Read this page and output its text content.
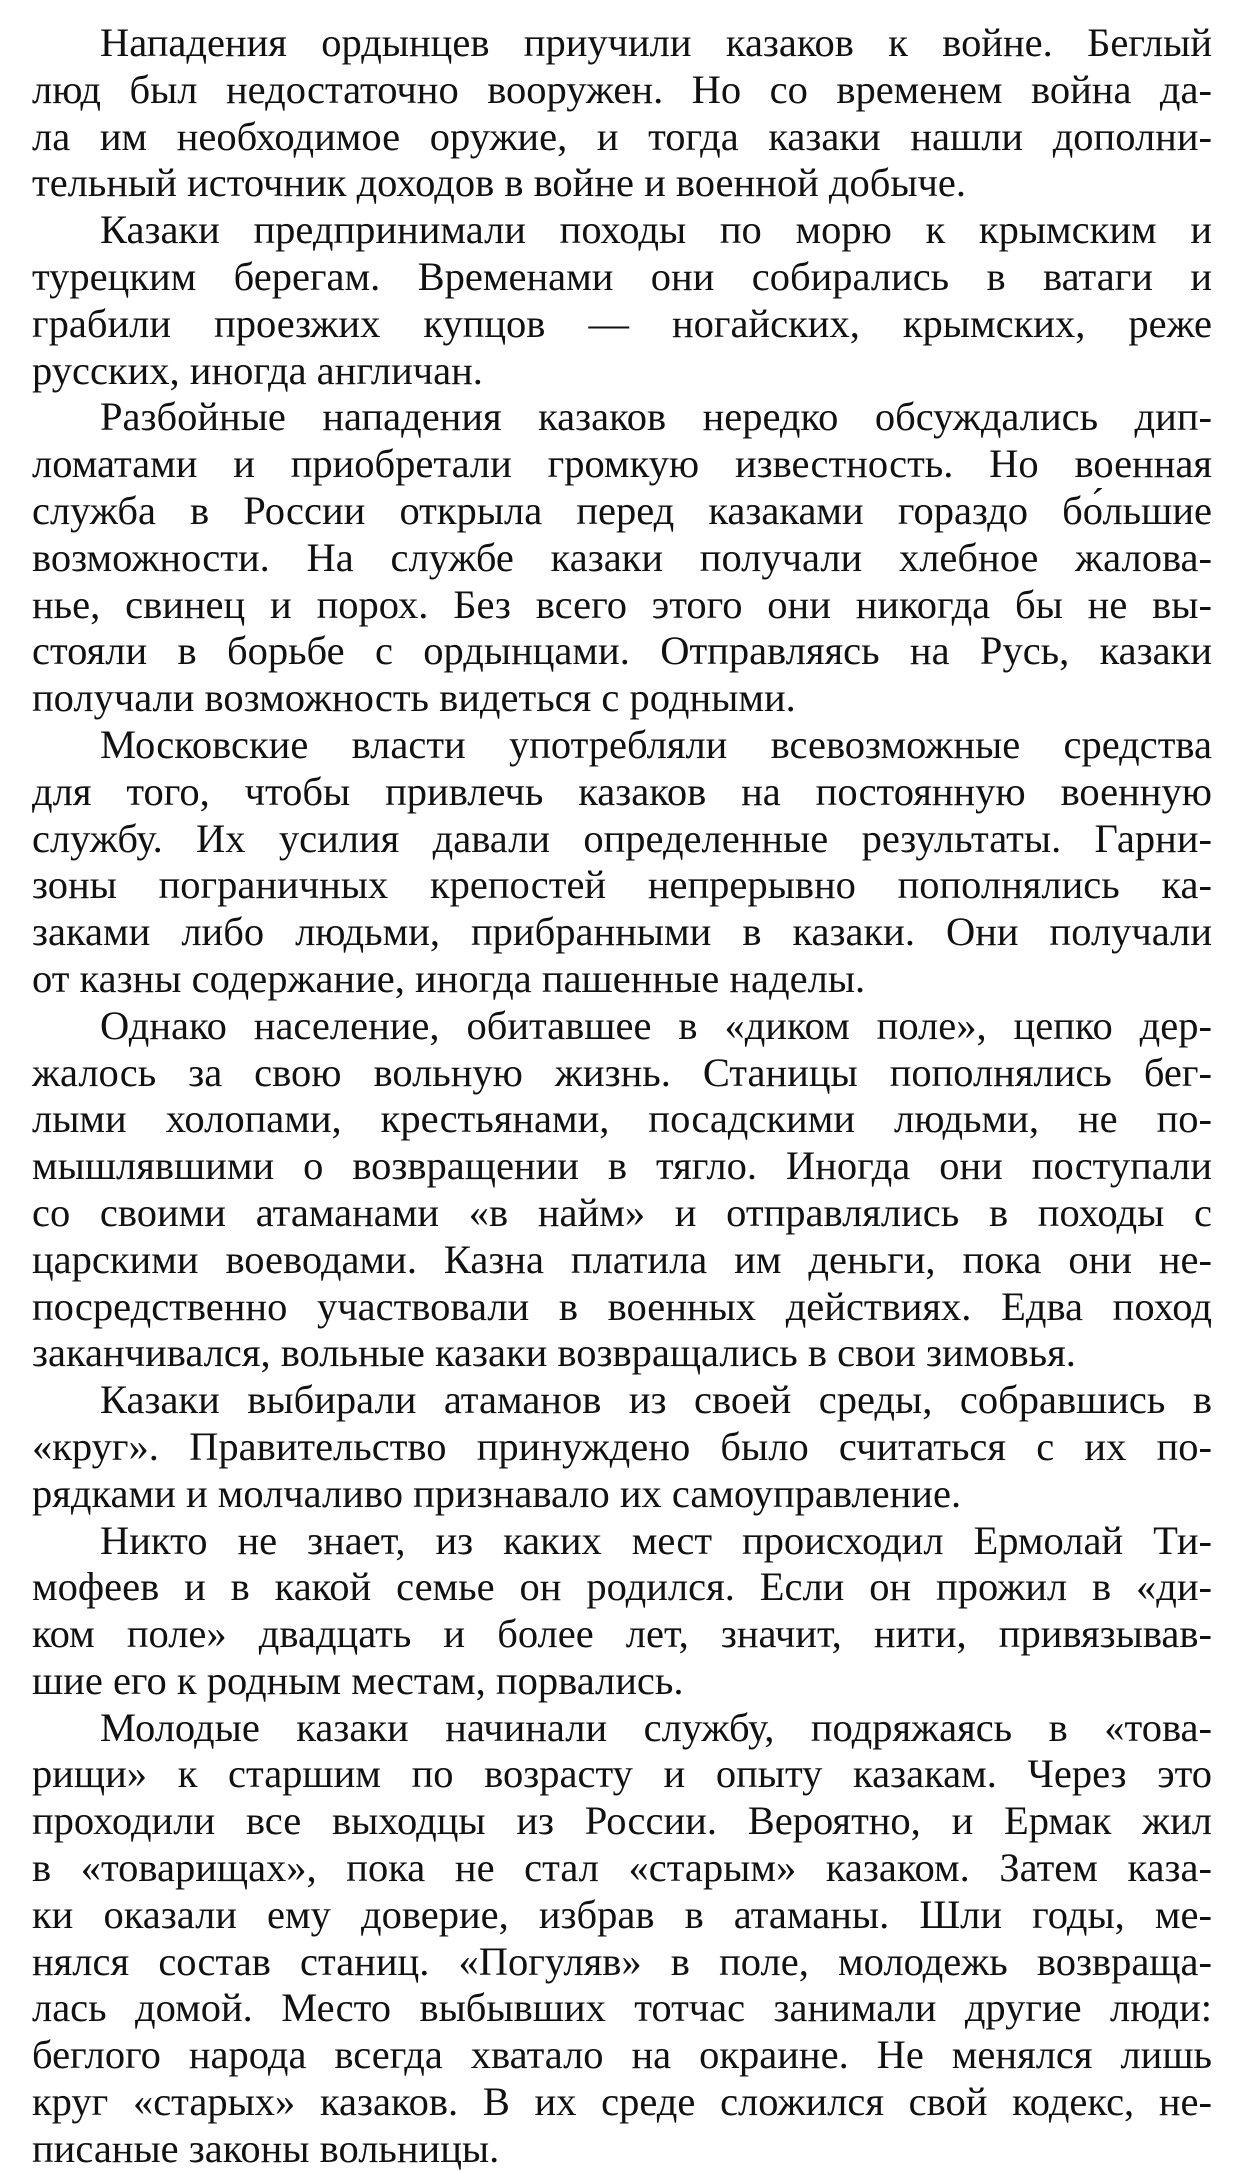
Нападения ордынцев приучили казаков к войне. Беглый
люд был недостаточно вооружен. Но со временем война да-
ла им необходимое оружие, и тогда казаки нашли дополни-
тельный источник доходов в войне и военной добыче.
Казаки предпринимали походы по морю к крымским и
турецким берегам. Временами они собирались в ватаги и
грабили проезжих купцов — ногайских, крымских, реже
русских, иногда англичан.
Разбойные нападения казаков нередко обсуждались дип-
ломатами и приобретали громкую известность. Но военная
служба в России открыла перед казаками гораздо бо́льшие
возможности. На службе казаки получали хлебное жалова-
нье, свинец и порох. Без всего этого они никогда бы не вы-
стояли в борьбе с ордынцами. Отправляясь на Русь, казаки
получали возможность видеться с родными.
Московские власти употребляли всевозможные средства
для того, чтобы привлечь казаков на постоянную военную
службу. Их усилия давали определенные результаты. Гарни-
зоны пограничных крепостей непрерывно пополнялись ка-
заками либо людьми, прибранными в казаки. Они получали
от казны содержание, иногда пашенные наделы.
Однако население, обитавшее в «диком поле», цепко дер-
жалось за свою вольную жизнь. Станицы пополнялись бег-
лыми холопами, крестьянами, посадскими людьми, не по-
мышлявшими о возвращении в тягло. Иногда они поступали
со своими атаманами «в найм» и отправлялись в походы с
царскими воеводами. Казна платила им деньги, пока они не-
посредственно участвовали в военных действиях. Едва поход
заканчивался, вольные казаки возвращались в свои зимовья.
Казаки выбирали атаманов из своей среды, собравшись в
«круг». Правительство принуждено было считаться с их по-
рядками и молчаливо признавало их самоуправление.
Никто не знает, из каких мест происходил Ермолай Ти-
мофеев и в какой семье он родился. Если он прожил в «ди-
ком поле» двадцать и более лет, значит, нити, привязывав-
шие его к родным местам, порвались.
Молодые казаки начинали службу, подряжаясь в «това-
рищи» к старшим по возрасту и опыту казакам. Через это
проходили все выходцы из России. Вероятно, и Ермак жил
в «товарищах», пока не стал «старым» казаком. Затем каза-
ки оказали ему доверие, избрав в атаманы. Шли годы, ме-
нялся состав станиц. «Погуляв» в поле, молодежь возвраща-
лась домой. Место выбывших тотчас занимали другие люди:
беглого народа всегда хватало на окраине. Не менялся лишь
круг «старых» казаков. В их среде сложился свой кодекс, не-
писаные законы вольницы.
